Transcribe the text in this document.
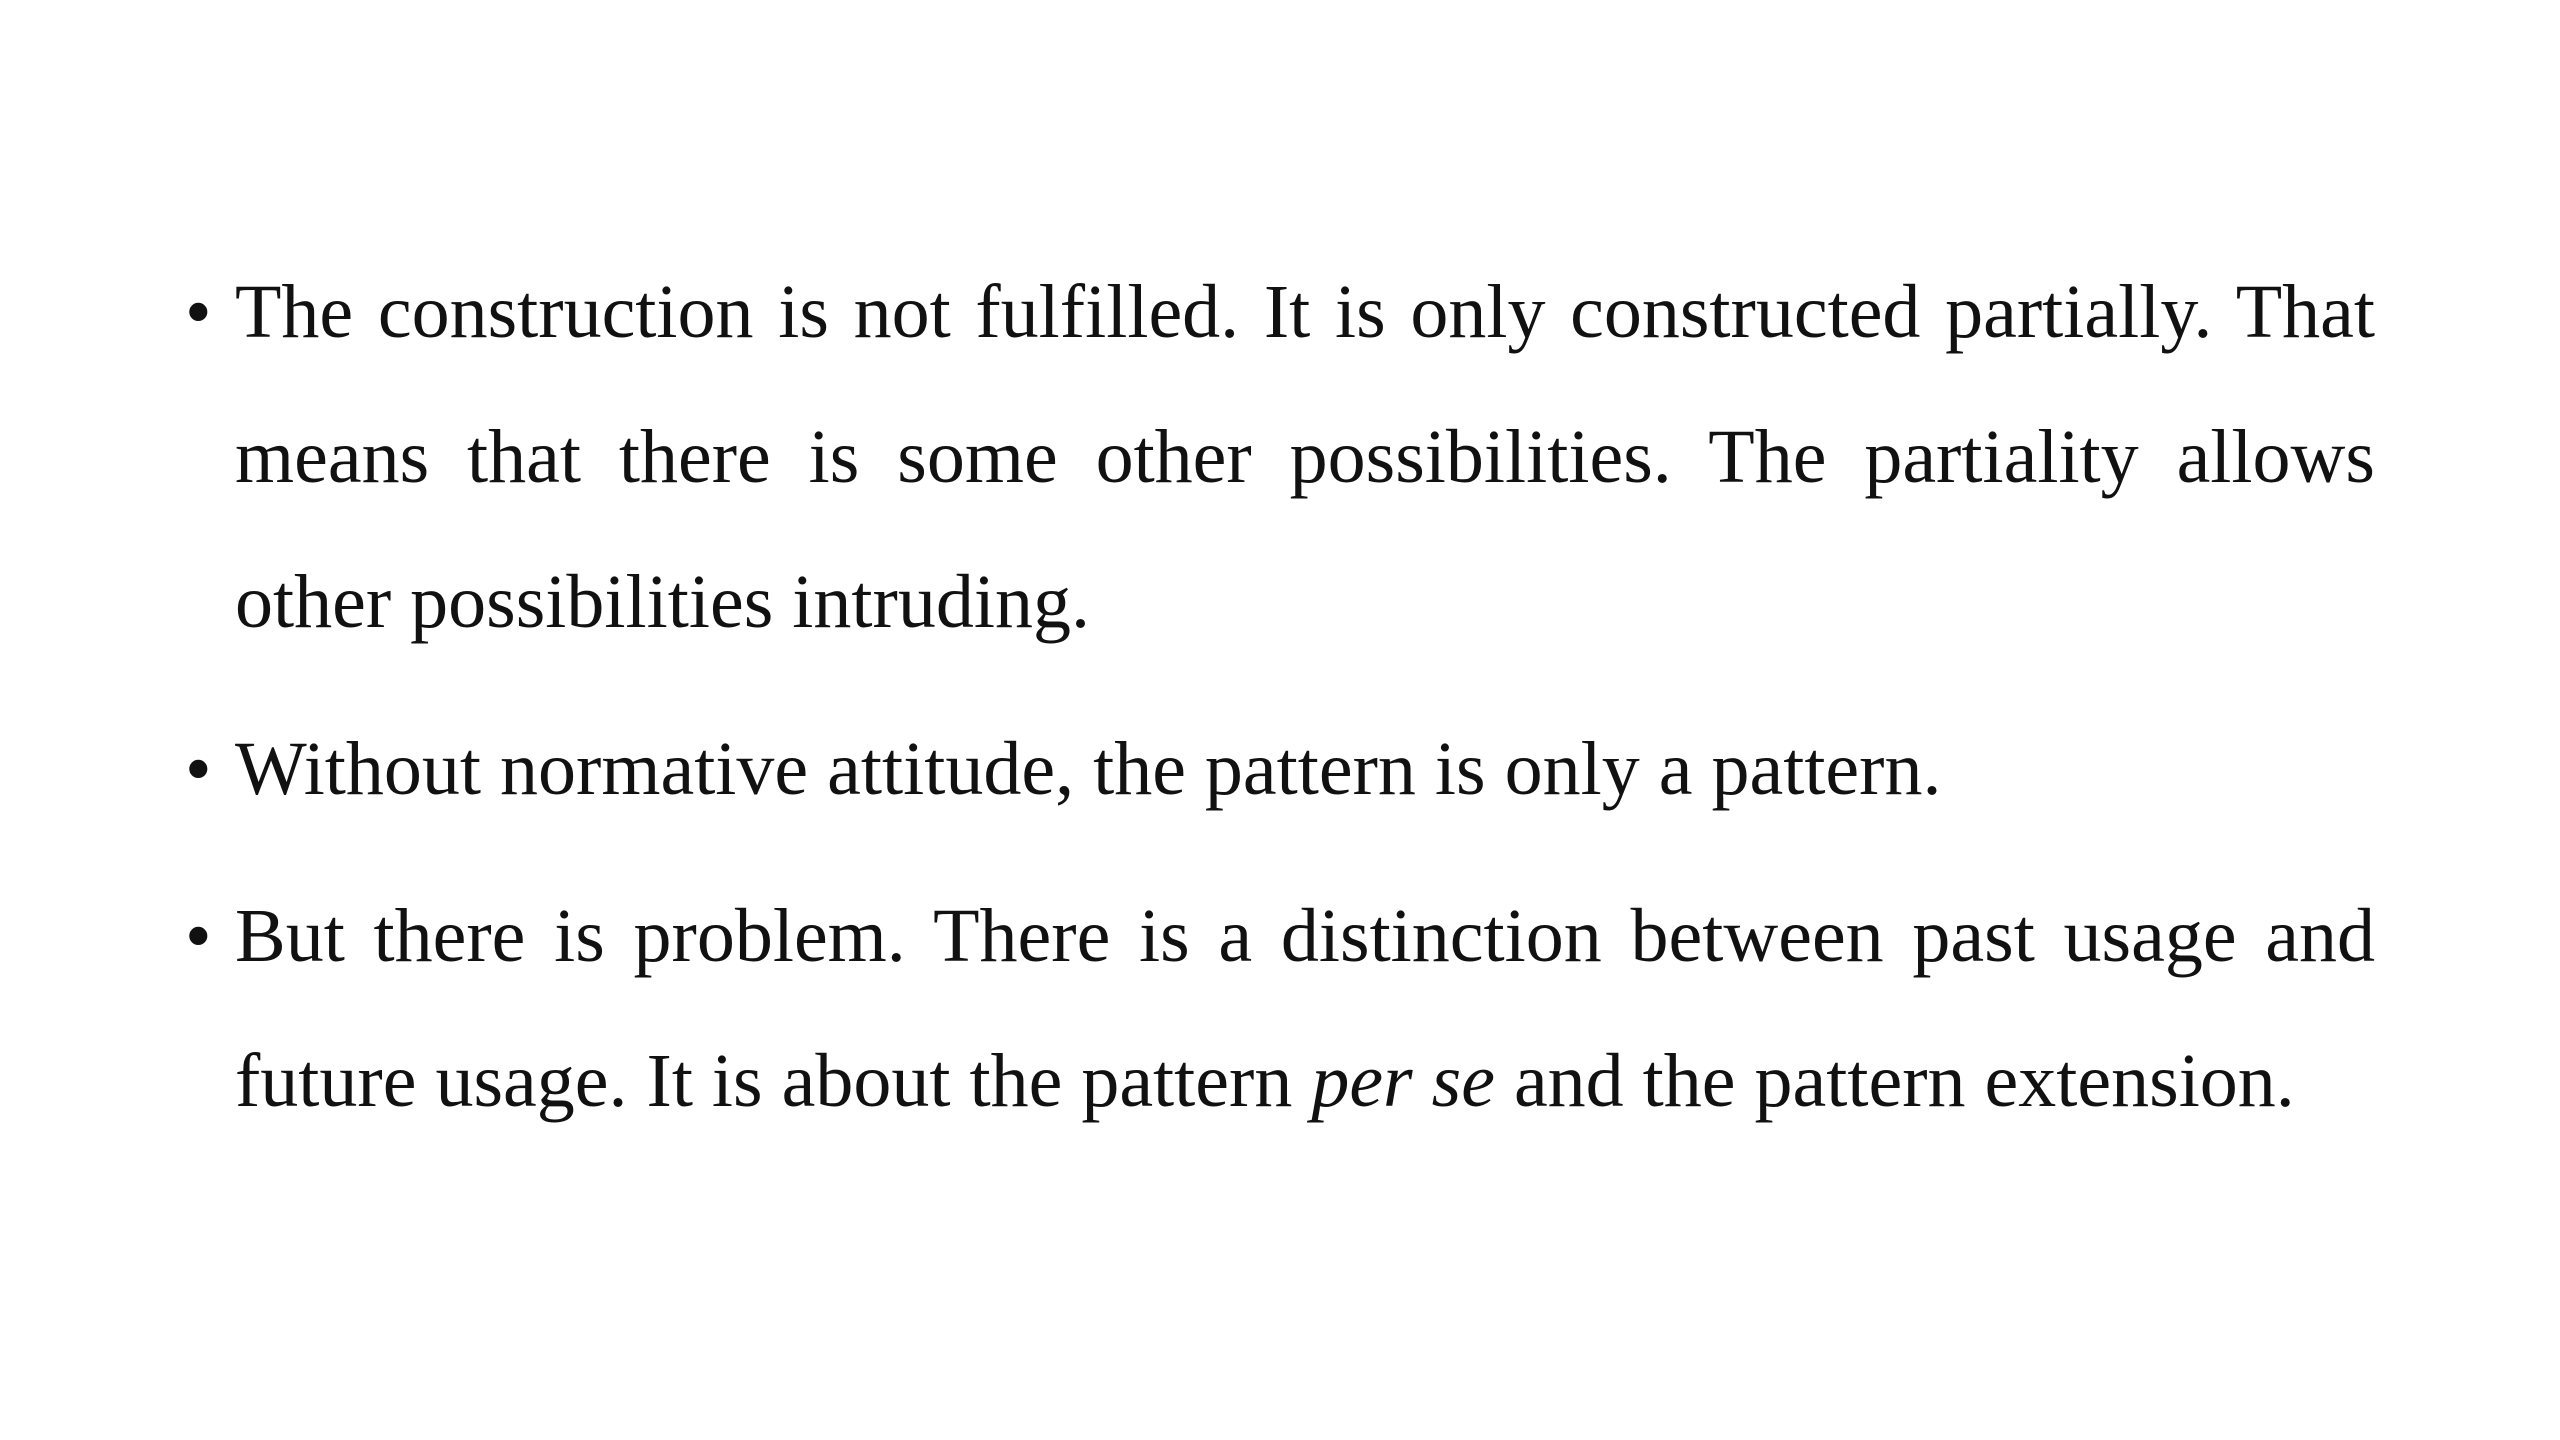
• The construction is not fulfilled. It is only constructed partially. That means that there is some other possibilities. The partiality allows other possibilities intruding.
• Without normative attitude, the pattern is only a pattern.
• But there is problem. There is a distinction between past usage and future usage. It is about the pattern per se and the pattern extension.
